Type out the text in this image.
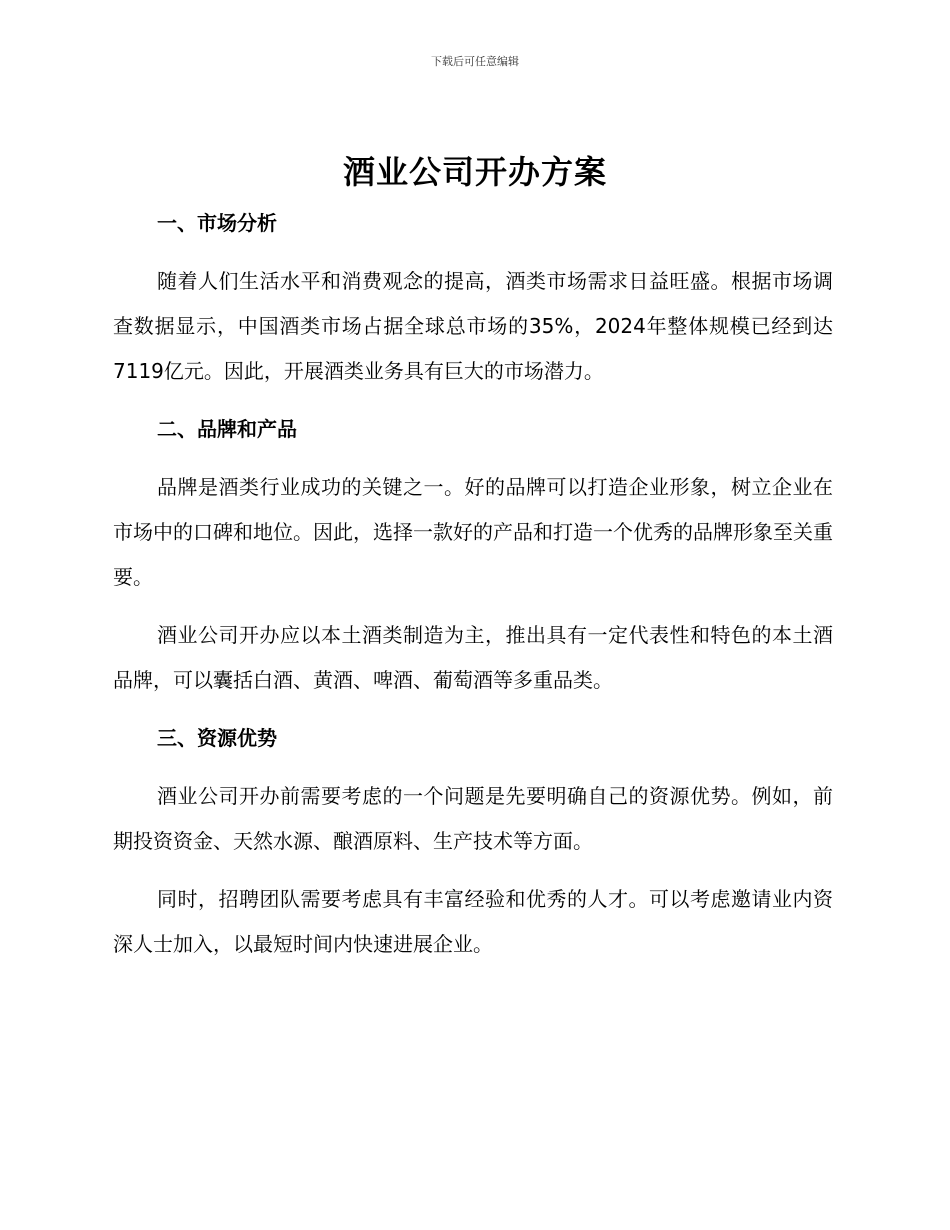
下载后可任意编辑
酒业公司开办方案
一、市场分析

随着人们生活水平和消费观念的提高，酒类市场需求日益旺盛。根据市场调查数据显示，中国酒类市场占据全球总市场的35%，2024年整体规模已经到达7119亿元。因此，开展酒类业务具有巨大的市场潜力。

二、品牌和产品

品牌是酒类行业成功的关键之一。好的品牌可以打造企业形象，树立企业在市场中的口碑和地位。因此，选择一款好的产品和打造一个优秀的品牌形象至关重要。

酒业公司开办应以本土酒类制造为主，推出具有一定代表性和特色的本土酒品牌，可以囊括白酒、黄酒、啤酒、葡萄酒等多重品类。

三、资源优势

酒业公司开办前需要考虑的一个问题是先要明确自己的资源优势。例如，前期投资资金、天然水源、酿酒原料、生产技术等方面。

同时，招聘团队需要考虑具有丰富经验和优秀的人才。可以考虑邀请业内资深人士加入，以最短时间内快速进展企业。
